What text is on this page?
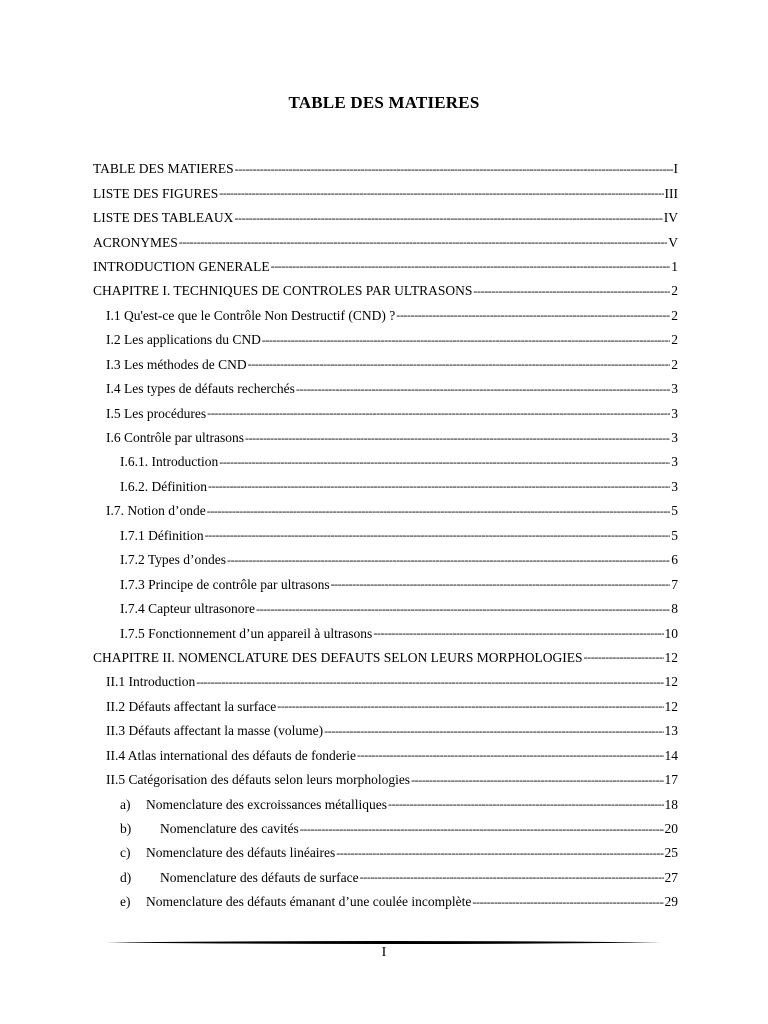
TABLE DES MATIERES
TABLE DES MATIERES -----	I
LISTE DES FIGURES -----	III
LISTE DES TABLEAUX -----	IV
ACRONYMES -----	V
INTRODUCTION GENERALE -----	1
CHAPITRE I. TECHNIQUES DE CONTROLES PAR ULTRASONS -----	2
I.1 Qu'est-ce que le Contrôle Non Destructif (CND) ? -----	2
I.2 Les applications du CND -----	2
I.3 Les méthodes de CND -----	2
I.4 Les types de défauts recherchés -----	3
I.5 Les procédures -----	3
I.6 Contrôle par ultrasons -----	3
I.6.1. Introduction -----	3
I.6.2. Définition -----	3
I.7. Notion d’onde -----	5
I.7.1 Définition -----	5
I.7.2 Types d’ondes -----	6
I.7.3 Principe de contrôle par ultrasons -----	7
I.7.4 Capteur ultrasonore -----	8
I.7.5 Fonctionnement d’un appareil à ultrasons -----	10
CHAPITRE II. NOMENCLATURE DES DEFAUTS SELON LEURS MORPHOLOGIES -----	12
II.1 Introduction -----	12
II.2 Défauts affectant la surface -----	12
II.3 Défauts affectant la masse (volume) -----	13
II.4 Atlas international des défauts de fonderie -----	14
II.5 Catégorisation des défauts selon leurs morphologies -----	17
a) Nomenclature des excroissances métalliques -----	18
b) Nomenclature des cavités -----	20
c) Nomenclature des défauts linéaires -----	25
d) Nomenclature des défauts de surface -----	27
e) Nomenclature des défauts émanant d’une coulée incomplète -----	29
I
